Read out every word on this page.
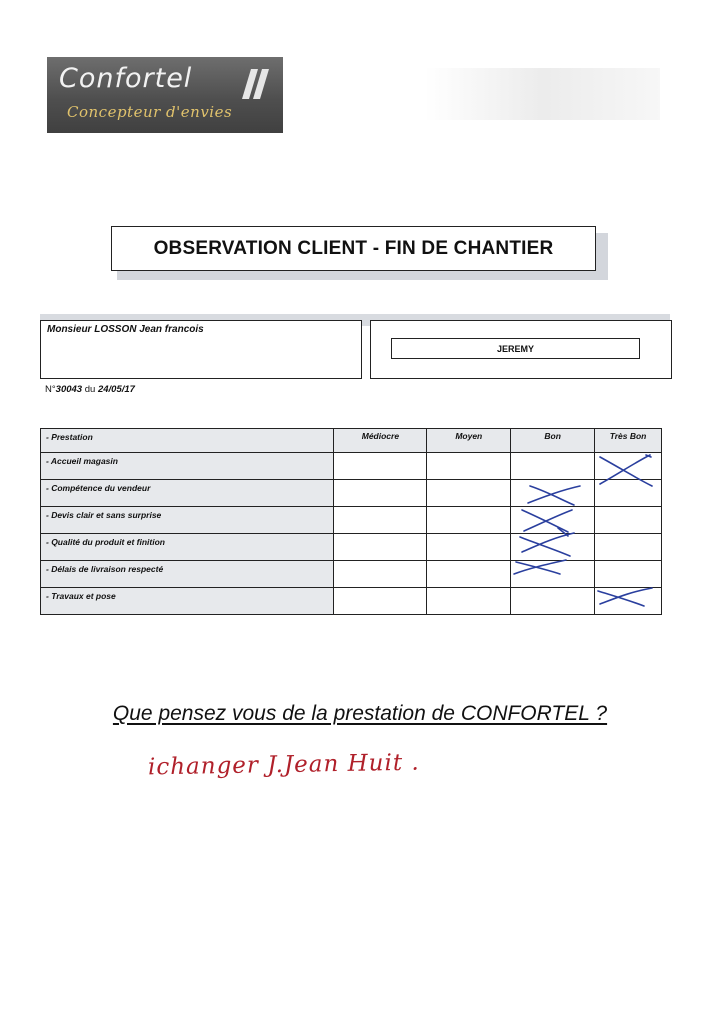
Confortel
Concepteur d'envies
OBSERVATION CLIENT - FIN DE CHANTIER
Monsieur LOSSON Jean francois
JEREMY
N°30043 du 24/05/17
- Prestation	Médiocre	Moyen	Bon	Très Bon
- Accueil magasin				
- Compétence du vendeur				
- Devis clair et sans surprise				
- Qualité du produit et finition				
- Délais de livraison respecté				
- Travaux et pose				
Que pensez vous de la prestation de CONFORTEL ?
ichanger J.Jean Huit .
